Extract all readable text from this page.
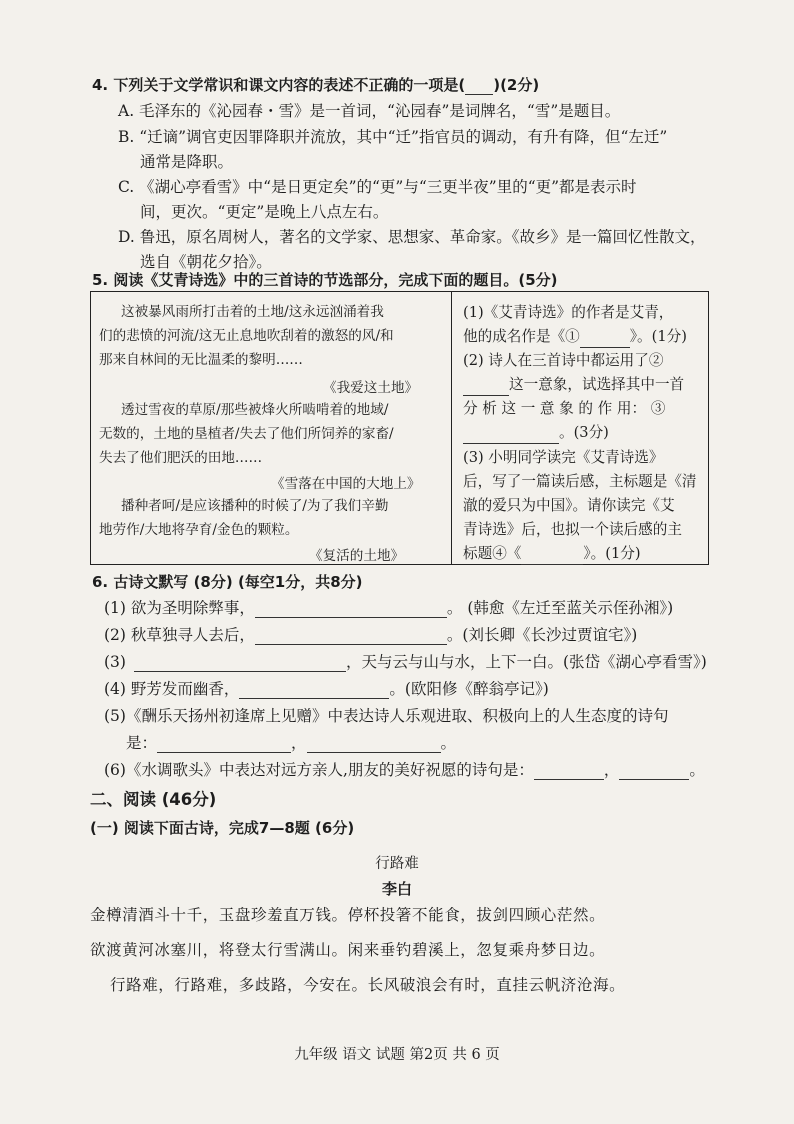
4. 下列关于文学常识和课文内容的表述不正确的一项是( )(2分)
A. 毛泽东的《沁园春・雪》是一首词，“沁园春”是词牌名，“雪”是题目。
B. “迁谪”调官吏因罪降职并流放，其中“迁”指官员的调动，有升有降，但“左迁”
通常是降职。
C. 《湖心亭看雪》中“是日更定矣”的“更”与“三更半夜”里的“更”都是表示时
间，更次。“更定”是晚上八点左右。
D. 鲁迅，原名周树人，著名的文学家、思想家、革命家。《故乡》是一篇回忆性散文，
选自《朝花夕拾》。
5. 阅读《艾青诗选》中的三首诗的节选部分，完成下面的题目。(5分)
这被暴风雨所打击着的土地/这永远汹涌着我
们的悲愤的河流/这无止息地吹刮着的激怒的风/和
那来自林间的无比温柔的黎明……
《我爱这土地》
透过雪夜的草原/那些被烽火所啮啃着的地域/
无数的，土地的垦植者/失去了他们所饲养的家畜/
失去了他们肥沃的田地……
《雪落在中国的大地上》
播种者呵/是应该播种的时候了/为了我们辛勤
地劳作/大地将孕育/金色的颗粒。
《复活的土地》
(1)《艾青诗选》的作者是艾青，
他的成名作是《①	》。(1分)
(2) 诗人在三首诗中都运用了②
这一意象，试选择其中一首
分 析 这 一 意 象 的 作 用： ③
。(3分)
(3) 小明同学读完《艾青诗选》
后，写了一篇读后感，主标题是《清
澈的爱只为中国》。请你读完《艾
青诗选》后，也拟一个读后感的主
标题④《	》。(1分)
6. 古诗文默写 (8分) (每空1分，共8分)
(1) 欲为圣明除弊事，	。 (韩愈《左迁至蓝关示侄孙湘》)
(2) 秋草独寻人去后，	。(刘长卿《长沙过贾谊宅》)
(3)	，天与云与山与水，上下一白。(张岱《湖心亭看雪》)
(4) 野芳发而幽香，	。(欧阳修《醉翁亭记》)
(5)《酬乐天扬州初逢席上见赠》中表达诗人乐观进取、积极向上的人生态度的诗句
是：	，	。
(6)《水调歌头》中表达对远方亲人,朋友的美好祝愿的诗句是：	，	。
二、阅读 (46分)
(一) 阅读下面古诗，完成7—8题 (6分)
行路难
李白
金樽清酒斗十千，玉盘珍羞直万钱。停杯投箸不能食，拔剑四顾心茫然。
欲渡黄河冰塞川，将登太行雪满山。闲来垂钓碧溪上，忽复乘舟梦日边。
行路难，行路难，多歧路，今安在。长风破浪会有时，直挂云帆济沧海。
九年级 语文 试题 第2页 共 6 页
